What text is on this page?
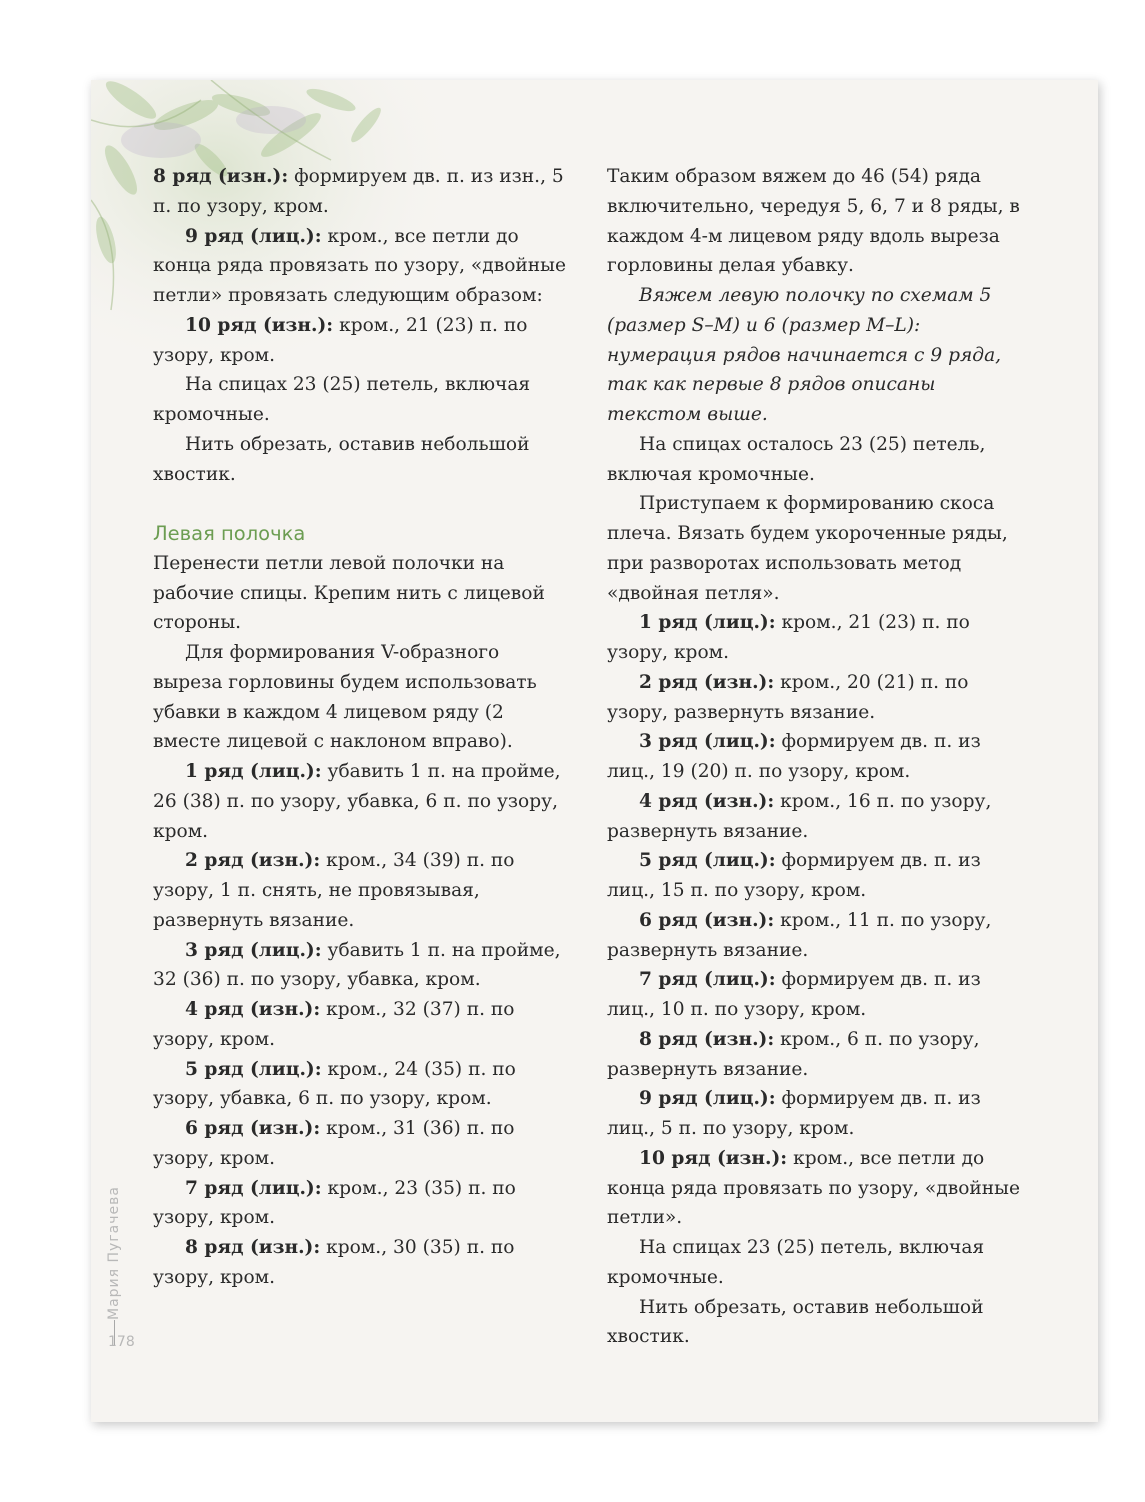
8 ряд (изн.): формируем дв. п. из изн., 5 п. по узору, кром.

9 ряд (лиц.): кром., все петли до конца ряда провязать по узору, «двойные петли» провязать следующим образом:

10 ряд (изн.): кром., 21 (23) п. по узору, кром.

На спицах 23 (25) петель, включая кромочные.

Нить обрезать, оставив небольшой хвостик.

Левая полочка

Перенести петли левой полочки на рабочие спицы. Крепим нить с лицевой стороны.

Для формирования V-образного выреза горловины будем использовать убавки в каждом 4 лицевом ряду (2 вместе лицевой с наклоном вправо).

1 ряд (лиц.): убавить 1 п. на пройме, 26 (38) п. по узору, убавка, 6 п. по узору, кром.

2 ряд (изн.): кром., 34 (39) п. по узору, 1 п. снять, не провязывая, развернуть вязание.

3 ряд (лиц.): убавить 1 п. на пройме, 32 (36) п. по узору, убавка, кром.

4 ряд (изн.): кром., 32 (37) п. по узору, кром.

5 ряд (лиц.): кром., 24 (35) п. по узору, убавка, 6 п. по узору, кром.

6 ряд (изн.): кром., 31 (36) п. по узору, кром.

7 ряд (лиц.): кром., 23 (35) п. по узору, кром.

8 ряд (изн.): кром., 30 (35) п. по узору, кром.

Таким образом вяжем до 46 (54) ряда включительно, чередуя 5, 6, 7 и 8 ряды, в каждом 4-м лицевом ряду вдоль выреза горловины делая убавку.

Вяжем левую полочку по схемам 5 (размер S–M) и 6 (размер M–L): нумерация рядов начинается с 9 ряда, так как первые 8 рядов описаны текстом выше.

На спицах осталось 23 (25) петель, включая кромочные.

Приступаем к формированию скоса плеча. Вязать будем укороченные ряды, при разворотах использовать метод «двойная петля».

1 ряд (лиц.): кром., 21 (23) п. по узору, кром.

2 ряд (изн.): кром., 20 (21) п. по узору, развернуть вязание.

3 ряд (лиц.): формируем дв. п. из лиц., 19 (20) п. по узору, кром.

4 ряд (изн.): кром., 16 п. по узору, развернуть вязание.

5 ряд (лиц.): формируем дв. п. из лиц., 15 п. по узору, кром.

6 ряд (изн.): кром., 11 п. по узору, развернуть вязание.

7 ряд (лиц.): формируем дв. п. из лиц., 10 п. по узору, кром.

8 ряд (изн.): кром., 6 п. по узору, развернуть вязание.

9 ряд (лиц.): формируем дв. п. из лиц., 5 п. по узору, кром.

10 ряд (изн.): кром., все петли до конца ряда провязать по узору, «двойные петли».

На спицах 23 (25) петель, включая кромочные.

Нить обрезать, оставив небольшой хвостик.

Мария Пугачева
178
